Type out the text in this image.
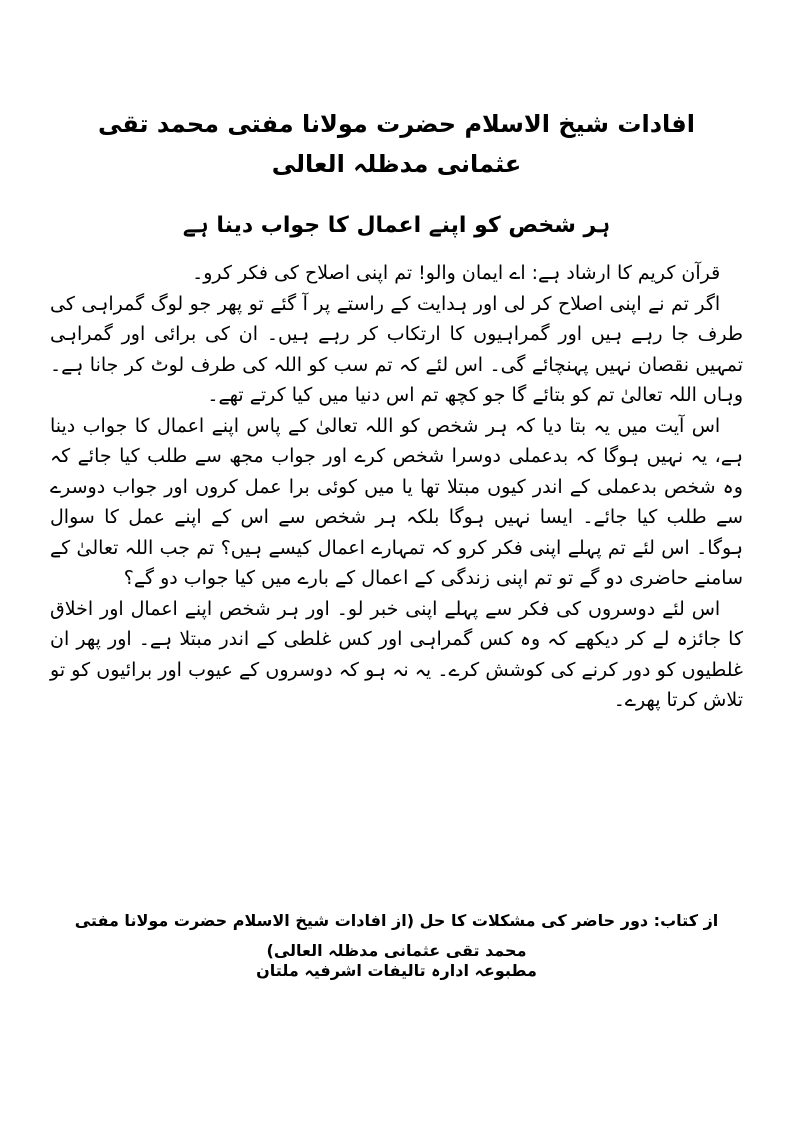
افادات شیخ الاسلام حضرت مولانا مفتی محمد تقی عثمانی مدظلہ العالی
ہر شخص کو اپنے اعمال کا جواب دینا ہے

قرآن کریم کا ارشاد ہے: اے ایمان والو! تم اپنی اصلاح کی فکر کرو۔

اگر تم نے اپنی اصلاح کر لی اور ہدایت کے راستے پر آ گئے تو پھر جو لوگ گمراہی کی طرف جا رہے ہیں اور گمراہیوں کا ارتکاب کر رہے ہیں۔ ان کی برائی اور گمراہی تمہیں نقصان نہیں پہنچائے گی۔ اس لئے کہ تم سب کو اللہ کی طرف لوٹ کر جانا ہے۔ وہاں اللہ تعالیٰ تم کو بتائے گا جو کچھ تم اس دنیا میں کیا کرتے تھے۔

اس آیت میں یہ بتا دیا کہ ہر شخص کو اللہ تعالیٰ کے پاس اپنے اعمال کا جواب دینا ہے، یہ نہیں ہوگا کہ بدعملی دوسرا شخص کرے اور جواب مجھ سے طلب کیا جائے کہ وہ شخص بدعملی کے اندر کیوں مبتلا تھا یا میں کوئی برا عمل کروں اور جواب دوسرے سے طلب کیا جائے۔ ایسا نہیں ہوگا بلکہ ہر شخص سے اس کے اپنے عمل کا سوال ہوگا۔ اس لئے تم پہلے اپنی فکر کرو کہ تمہارے اعمال کیسے ہیں؟ تم جب اللہ تعالیٰ کے سامنے حاضری دو گے تو تم اپنی زندگی کے اعمال کے بارے میں کیا جواب دو گے؟

اس لئے دوسروں کی فکر سے پہلے اپنی خبر لو۔ اور ہر شخص اپنے اعمال اور اخلاق کا جائزہ لے کر دیکھے کہ وہ کس گمراہی اور کس غلطی کے اندر مبتلا ہے۔ اور پھر ان غلطیوں کو دور کرنے کی کوشش کرے۔ یہ نہ ہو کہ دوسروں کے عیوب اور برائیوں کو تو تلاش کرتا پھرے۔

از کتاب: دور حاضر کی مشکلات کا حل (از افادات شیخ الاسلام حضرت مولانا مفتی محمد تقی عثمانی مدظلہ العالی)
مطبوعہ ادارہ تالیفات اشرفیہ ملتان
